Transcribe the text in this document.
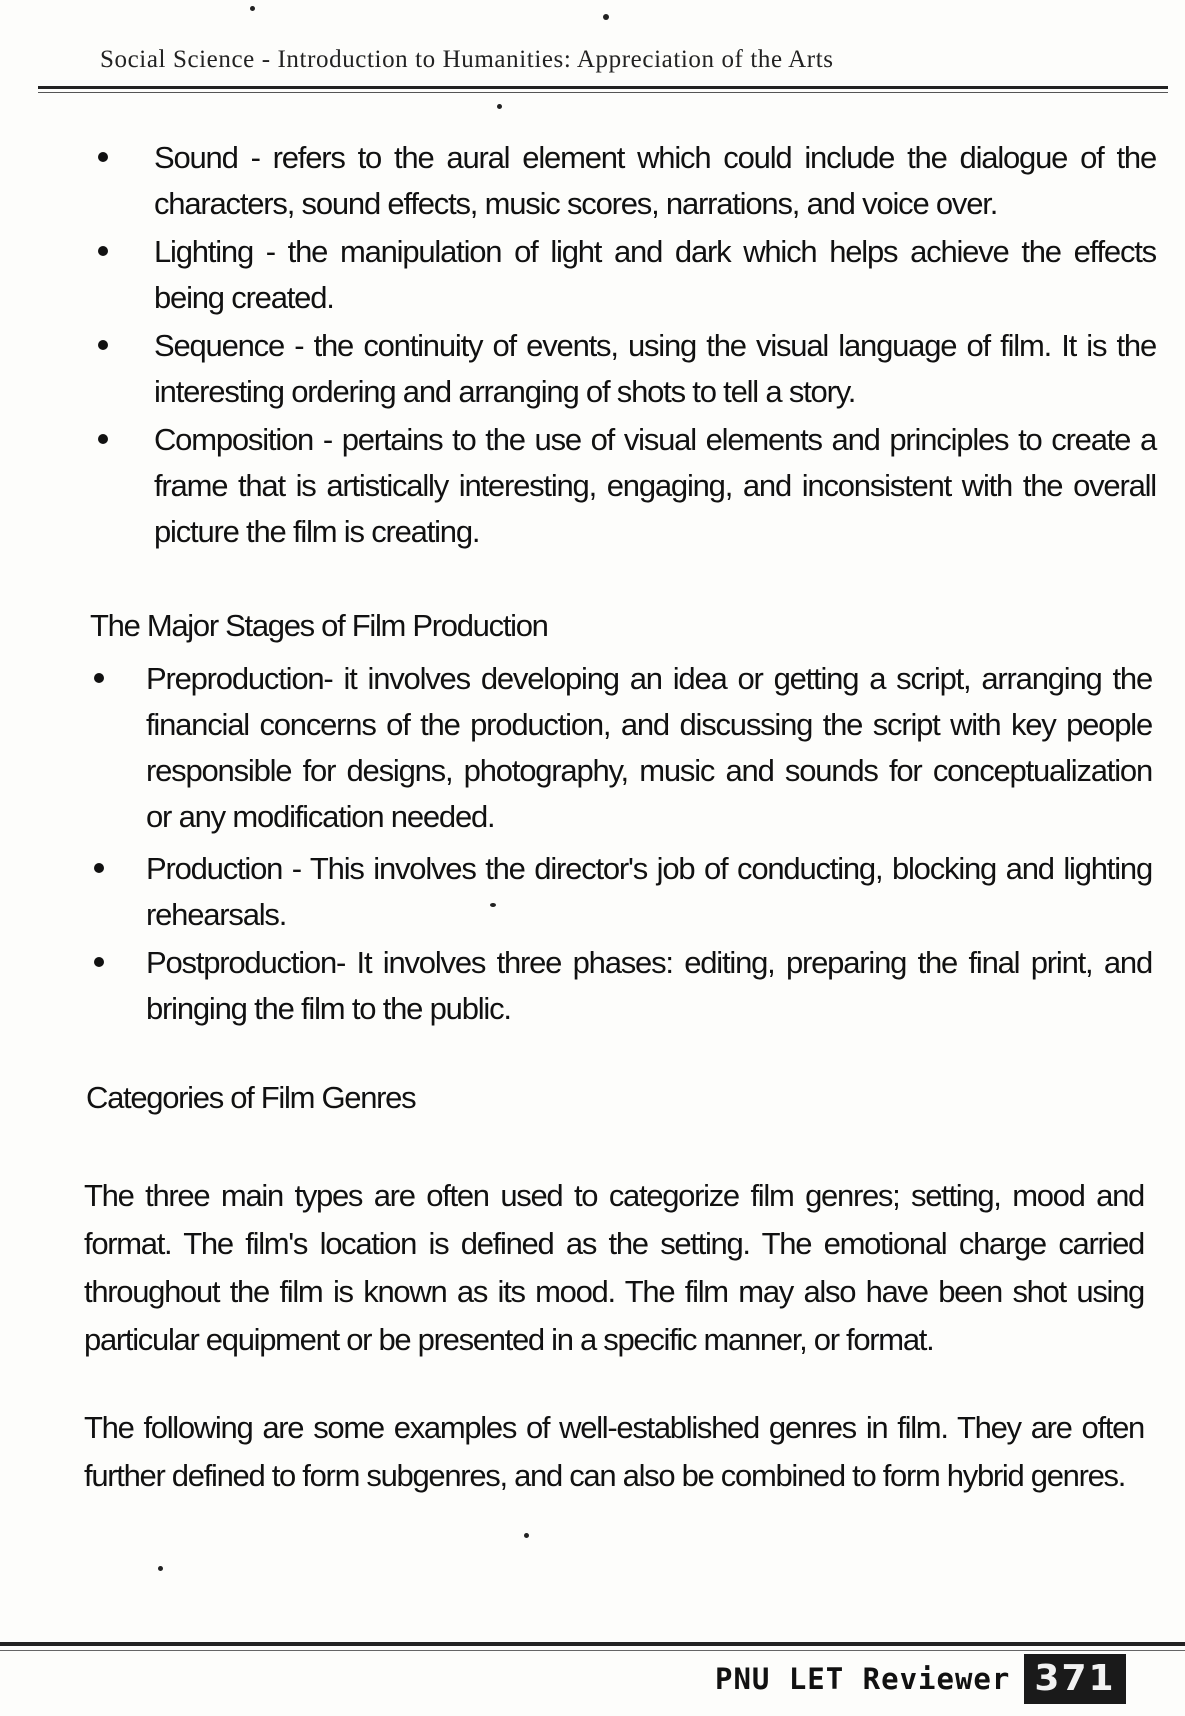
Social Science - Introduction to Humanities: Appreciation of the Arts
Sound - refers to the aural element which could include the dialogue of the characters, sound effects, music scores, narrations, and voice over.
Lighting - the manipulation of light and dark which helps achieve the effects being created.
Sequence - the continuity of events, using the visual language of film. It is the interesting ordering and arranging of shots to tell a story.
Composition - pertains to the use of visual elements and principles to create a frame that is artistically interesting, engaging, and inconsistent with the overall picture the film is creating.
The Major Stages of Film Production
Preproduction- it involves developing an idea or getting a script, arranging the financial concerns of the production, and discussing the script with key people responsible for designs, photography, music and sounds for conceptualization or any modification needed.
Production - This involves the director's job of conducting, blocking and lighting rehearsals.
Postproduction- It involves three phases: editing, preparing the final print, and bringing the film to the public.
Categories of Film Genres
The three main types are often used to categorize film genres; setting, mood and format. The film's location is defined as the setting. The emotional charge carried throughout the film is known as its mood. The film may also have been shot using particular equipment or be presented in a specific manner, or format.
The following are some examples of well-established genres in film. They are often further defined to form subgenres, and can also be combined to form hybrid genres.
PNU LET Reviewer 371
